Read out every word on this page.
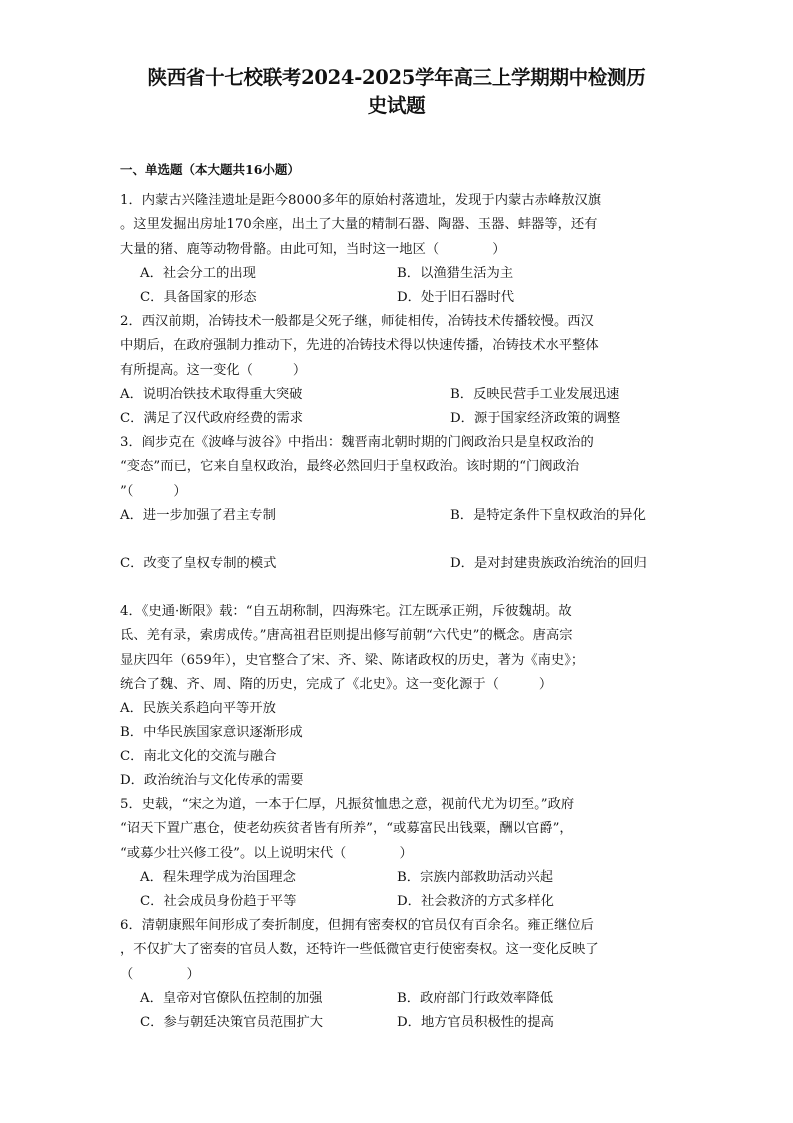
陕西省十七校联考2024-2025学年高三上学期期中检测历
史试题
一、单选题（本大题共16小题）
1．内蒙古兴隆洼遗址是距今8000多年的原始村落遗址，发现于内蒙古赤峰敖汉旗
。这里发掘出房址170余座，出土了大量的精制石器、陶器、玉器、蚌器等，还有
大量的猪、鹿等动物骨骼。由此可知，当时这一地区（　　　　）
A．社会分工的出现	B．以渔猎生活为主
C．具备国家的形态	D．处于旧石器时代
2．西汉前期，冶铸技术一般都是父死子继，师徒相传，冶铸技术传播较慢。西汉
中期后，在政府强制力推动下，先进的冶铸技术得以快速传播，冶铸技术水平整体
有所提高。这一变化（　　　）
A．说明冶铁技术取得重大突破	B．反映民营手工业发展迅速
C．满足了汉代政府经费的需求	D．源于国家经济政策的调整
3．阎步克在《波峰与波谷》中指出：魏晋南北朝时期的门阀政治只是皇权政治的
“变态”而已，它来自皇权政治，最终必然回归于皇权政治。该时期的“门阀政治
”（　　　）
A．进一步加强了君主专制	B．是特定条件下皇权政治的异化
C．改变了皇权专制的模式	D．是对封建贵族政治统治的回归
4．《史通·断限》载：“自五胡称制，四海殊宅。江左既承正朔，斥彼魏胡。故
氐、羌有录，索虏成传。”唐高祖君臣则提出修写前朝“六代史”的概念。唐高宗
显庆四年（659年），史官整合了宋、齐、梁、陈诸政权的历史，著为《南史》；
统合了魏、齐、周、隋的历史，完成了《北史》。这一变化源于（　　　）
A．民族关系趋向平等开放
B．中华民族国家意识逐渐形成
C．南北文化的交流与融合
D．政治统治与文化传承的需要
5．史载，“宋之为道，一本于仁厚，凡振贫恤患之意，视前代尤为切至。”政府
“诏天下置广惠仓，使老幼疾贫者皆有所养”，“或募富民出钱粟，酬以官爵”，
“或募少壮兴修工役”。以上说明宋代（　　　　）
A．程朱理学成为治国理念	B．宗族内部救助活动兴起
C．社会成员身份趋于平等	D．社会救济的方式多样化
6．清朝康熙年间形成了奏折制度，但拥有密奏权的官员仅有百余名。雍正继位后
，不仅扩大了密奏的官员人数，还特许一些低微官吏行使密奏权。这一变化反映了
（　　　　）
A．皇帝对官僚队伍控制的加强	B．政府部门行政效率降低
C．参与朝廷决策官员范围扩大	D．地方官员积极性的提高
